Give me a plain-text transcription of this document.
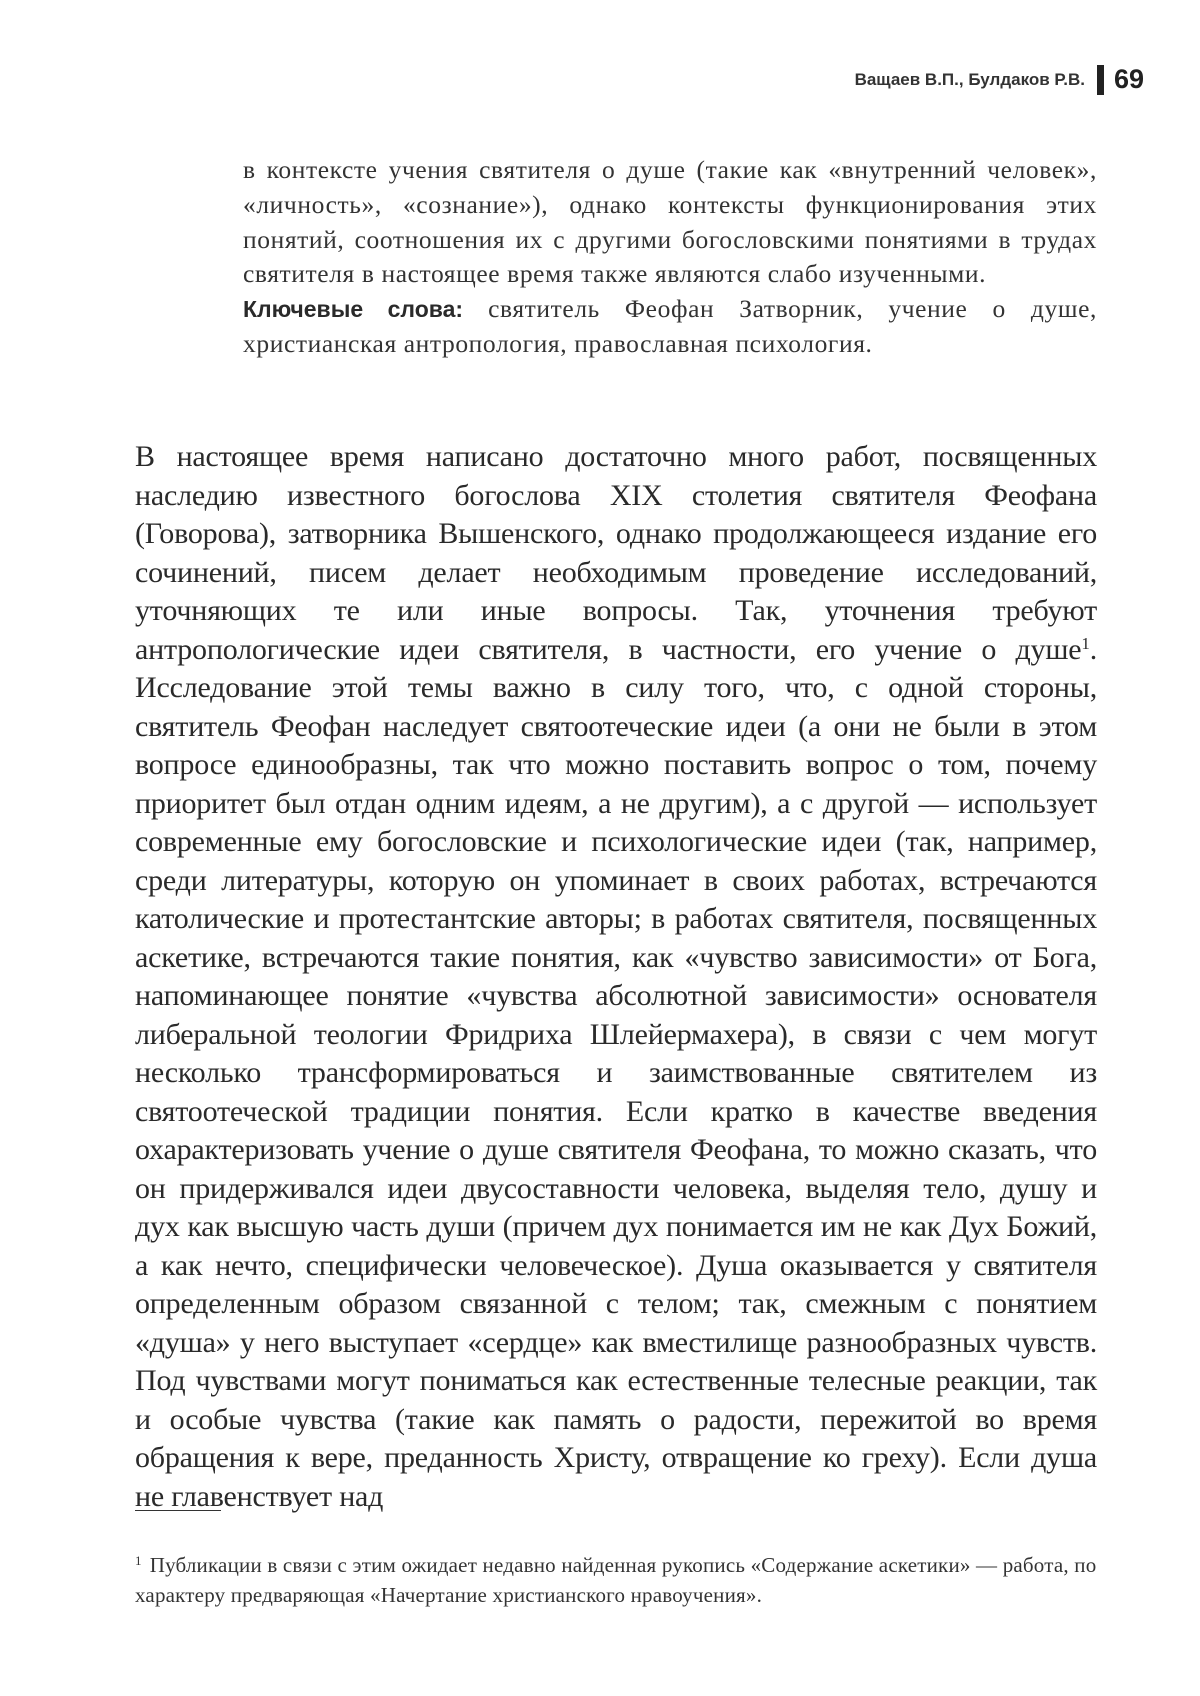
Ващаев В.П., Булдаков Р.В. 69

в контексте учения святителя о душе (такие как «внутренний человек», «личность», «сознание»), однако контексты функционирования этих понятий, соотношения их с другими богословскими понятиями в трудах святителя в настоящее время также являются слабо изученными.

Ключевые слова: святитель Феофан Затворник, учение о душе, христианская антропология, православная психология.

В настоящее время написано достаточно много работ, посвященных наследию известного богослова XIX столетия святителя Феофана (Говорова), затворника Вышенского, однако продолжающееся издание его сочинений, писем делает необходимым проведение исследований, уточняющих те или иные вопросы. Так, уточнения требуют антропологические идеи святителя, в частности, его учение о душе$^1$. Исследование этой темы важно в силу того, что, с одной стороны, святитель Феофан наследует святоотеческие идеи (а они не были в этом вопросе единообразны, так что можно поставить вопрос о том, почему приоритет был отдан одним идеям, а не другим), а с другой — использует современные ему богословские и психологические идеи (так, например, среди литературы, которую он упоминает в своих работах, встречаются католические и протестантские авторы; в работах святителя, посвященных аскетике, встречаются такие понятия, как «чувство зависимости» от Бога, напоминающее понятие «чувства абсолютной зависимости» основателя либеральной теологии Фридриха Шлейермахера), в связи с чем могут несколько трансформироваться и заимствованные святителем из святоотеческой традиции понятия. Если кратко в качестве введения охарактеризовать учение о душе святителя Феофана, то можно сказать, что он придерживался идеи двусоставности человека, выделяя тело, душу и дух как высшую часть души (причем дух понимается им не как Дух Божий, а как нечто, специфически человеческое). Душа оказывается у святителя определенным образом связанной с телом; так, смежным с понятием «душа» у него выступает «сердце» как вместилище разнообразных чувств. Под чувствами могут пониматься как естественные телесные реакции, так и особые чувства (такие как память о радости, пережитой во время обращения к вере, преданность Христу, отвращение ко греху). Если душа не главенствует над

$^1$ Публикации в связи с этим ожидает недавно найденная рукопись «Содержание аскетики» — работа, по характеру предваряющая «Начертание христианского нравоучения».
